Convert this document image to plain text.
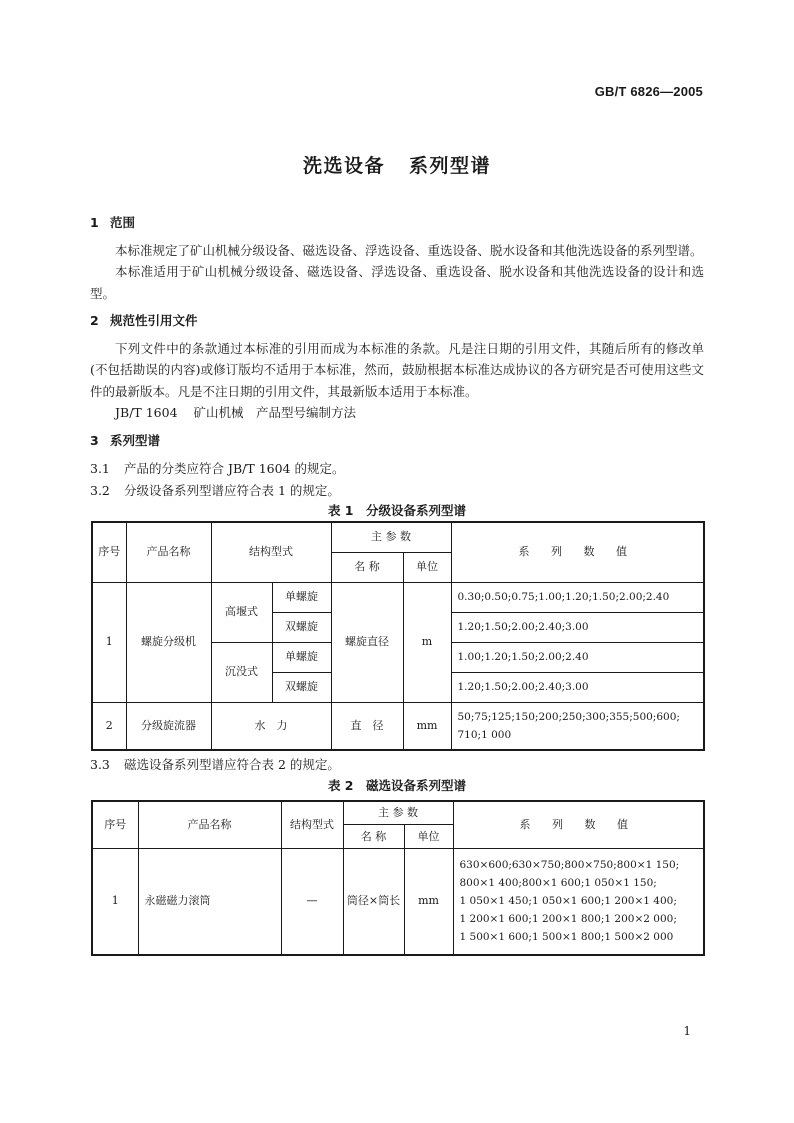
GB/T 6826—2005

洗选设备 系列型谱
1 范围

本标准规定了矿山机械分级设备、磁选设备、浮选设备、重选设备、脱水设备和其他洗选设备的系列型谱。

本标准适用于矿山机械分级设备、磁选设备、浮选设备、重选设备、脱水设备和其他洗选设备的设计和选型。

2 规范性引用文件

下列文件中的条款通过本标准的引用而成为本标准的条款。凡是注日期的引用文件，其随后所有的修改单(不包括勘误的内容)或修订版均不适用于本标准，然而，鼓励根据本标准达成协议的各方研究是否可使用这些文件的最新版本。凡是不注日期的引用文件，其最新版本适用于本标准。

JB/T 1604 矿山机械　产品型号编制方法

3 系列型谱

3.1 产品的分类应符合 JB/T 1604 的规定。

3.2 分级设备系列型谱应符合表 1 的规定。

表 1　 分级设备系列型谱

序号	产品名称	结构型式		主 参 数		系 列 数 值
				名 称	单位	
1	螺旋分级机	高堰式	单螺旋	螺旋直径	m	0.30;0.50;0.75;1.00;1.20;1.50;2.00;2.40
			双螺旋			1.20;1.50;2.00;2.40;3.00
		沉没式	单螺旋			1.00;1.20;1.50;2.00;2.40
			双螺旋			1.20;1.50;2.00;2.40;3.00
2	分级旋流器	水　力		直　径	mm	50;75;125;150;200;250;300;355;500;600;
710;1 000

3.3 磁选设备系列型谱应符合表 2 的规定。

表 2　 磁选设备系列型谱

序号	产品名称	结构型式	主 参 数		系 列 数 值
			名 称	单位	
1	永磁磁力滚筒	—	筒径×筒长	mm	630×600;630×750;800×750;800×1 150;
800×1 400;800×1 600;1 050×1 150;
1 050×1 450;1 050×1 600;1 200×1 400;
1 200×1 600;1 200×1 800;1 200×2 000;
1 500×1 600;1 500×1 800;1 500×2 000

1
